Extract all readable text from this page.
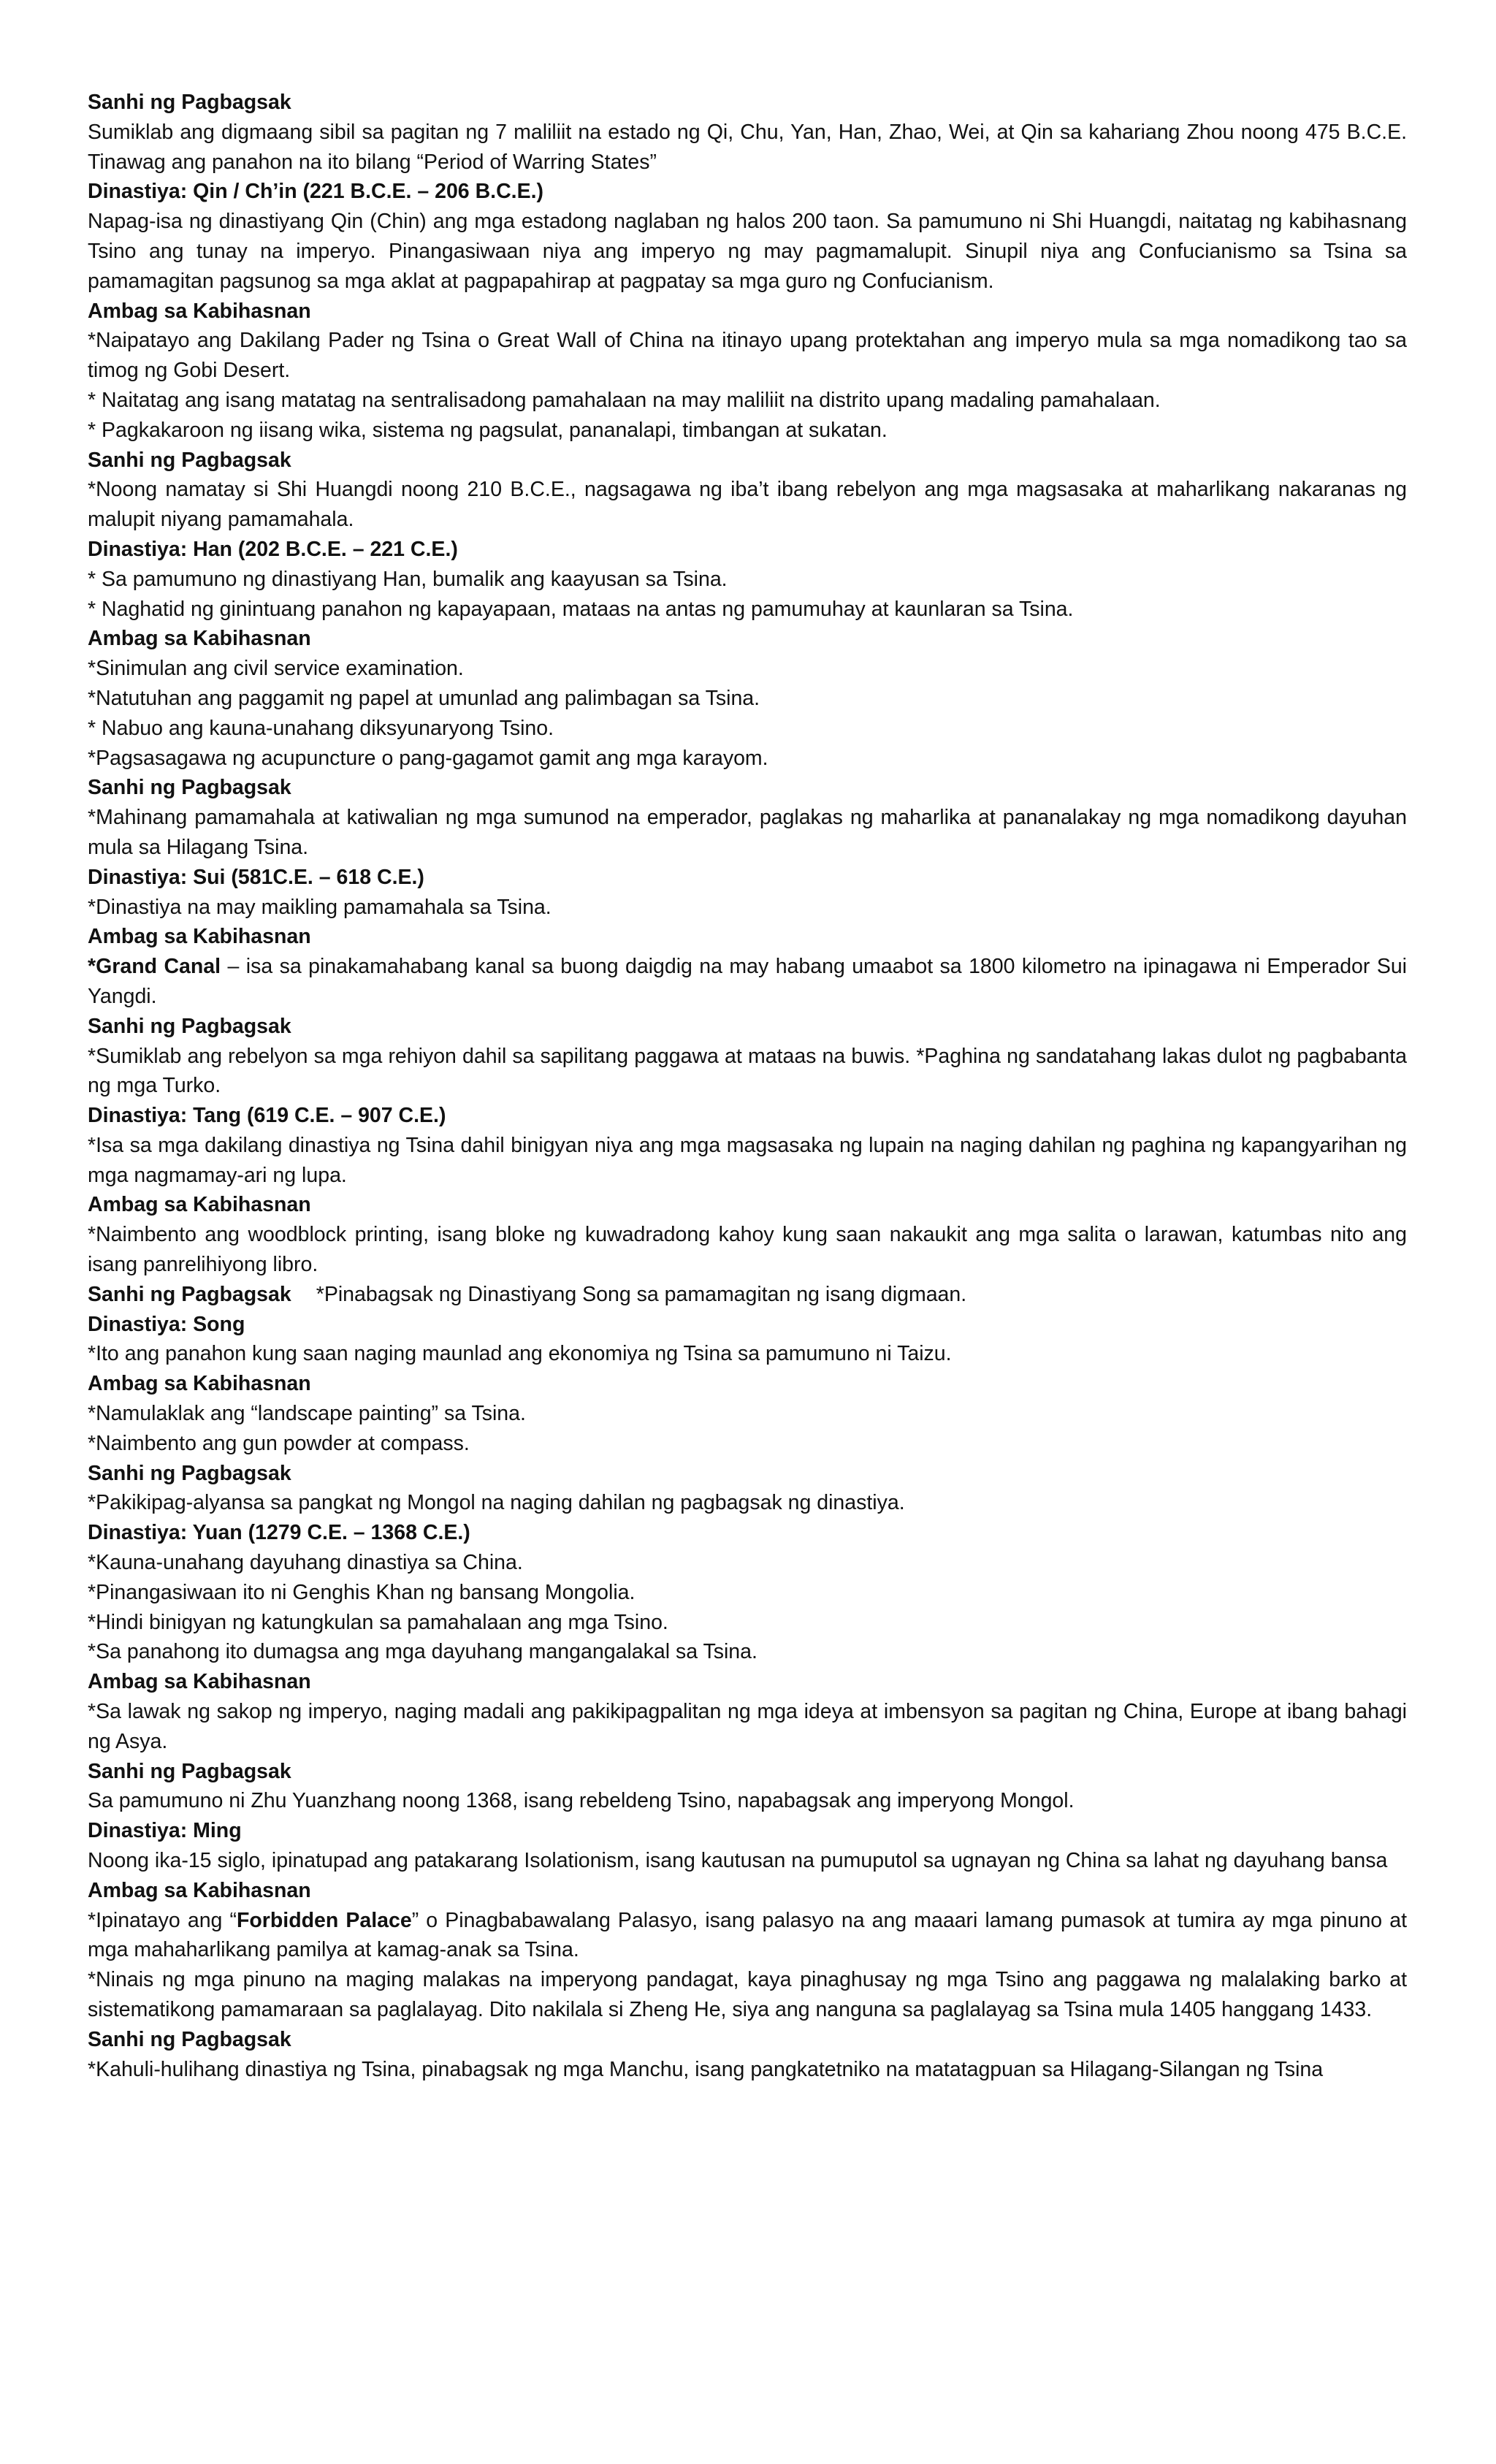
Sanhi ng Pagbagsak

Sumiklab ang digmaang sibil sa pagitan ng 7 maliliit na estado ng Qi, Chu, Yan, Han, Zhao, Wei, at Qin sa kahariang Zhou noong 475 B.C.E. Tinawag ang panahon na ito bilang “Period of Warring States”

Dinastiya: Qin / Ch’in (221 B.C.E. – 206 B.C.E.)

Napag-isa ng dinastiyang Qin (Chin) ang mga estadong naglaban ng halos 200 taon. Sa pamumuno ni Shi Huangdi, naitatag ng kabihasnang Tsino ang tunay na imperyo. Pinangasiwaan niya ang imperyo ng may pagmamalupit. Sinupil niya ang Confucianismo sa Tsina sa pamamagitan pagsunog sa mga aklat at pagpapahirap at pagpatay sa mga guro ng Confucianism.

Ambag sa Kabihasnan

*Naipatayo ang Dakilang Pader ng Tsina o Great Wall of China na itinayo upang protektahan ang imperyo mula sa mga nomadikong tao sa timog ng Gobi Desert.

* Naitatag ang isang matatag na sentralisadong pamahalaan na may maliliit na distrito upang madaling pamahalaan.

* Pagkakaroon ng iisang wika, sistema ng pagsulat, pananalapi, timbangan at sukatan.

Sanhi ng Pagbagsak

*Noong namatay si Shi Huangdi noong 210 B.C.E., nagsagawa ng iba’t ibang rebelyon ang mga magsasaka at maharlikang nakaranas ng malupit niyang pamamahala.

Dinastiya: Han (202 B.C.E. – 221 C.E.)

* Sa pamumuno ng dinastiyang Han, bumalik ang kaayusan sa Tsina.

* Naghatid ng ginintuang panahon ng kapayapaan, mataas na antas ng pamumuhay at kaunlaran sa Tsina.

Ambag sa Kabihasnan

*Sinimulan ang civil service examination.

*Natutuhan ang paggamit ng papel at umunlad ang palimbagan sa Tsina.

* Nabuo ang kauna-unahang diksyunaryong Tsino.

*Pagsasagawa ng acupuncture o pang-gagamot gamit ang mga karayom.

Sanhi ng Pagbagsak

*Mahinang pamamahala at katiwalian ng mga sumunod na emperador, paglakas ng maharlika at pananalakay ng mga nomadikong dayuhan mula sa Hilagang Tsina.

Dinastiya: Sui (581C.E. – 618 C.E.)

*Dinastiya na may maikling pamamahala sa Tsina.

Ambag sa Kabihasnan

*Grand Canal – isa sa pinakamahabang kanal sa buong daigdig na may habang umaabot sa 1800 kilometro na ipinagawa ni Emperador Sui Yangdi.

Sanhi ng Pagbagsak

*Sumiklab ang rebelyon sa mga rehiyon dahil sa sapilitang paggawa at mataas na buwis. *Paghina ng sandatahang lakas dulot ng pagbabanta ng mga Turko.

Dinastiya: Tang (619 C.E. – 907 C.E.)

*Isa sa mga dakilang dinastiya ng Tsina dahil binigyan niya ang mga magsasaka ng lupain na naging dahilan ng paghina ng kapangyarihan ng mga nagmamay-ari ng lupa.

Ambag sa Kabihasnan

*Naimbento ang woodblock printing, isang bloke ng kuwadradong kahoy kung saan nakaukit ang mga salita o larawan, katumbas nito ang isang panrelihiyong libro.

Sanhi ng Pagbagsak *Pinabagsak ng Dinastiyang Song sa pamamagitan ng isang digmaan.

Dinastiya: Song

*Ito ang panahon kung saan naging maunlad ang ekonomiya ng Tsina sa pamumuno ni Taizu.

Ambag sa Kabihasnan

*Namulaklak ang “landscape painting” sa Tsina.

*Naimbento ang gun powder at compass.

Sanhi ng Pagbagsak

*Pakikipag-alyansa sa pangkat ng Mongol na naging dahilan ng pagbagsak ng dinastiya.

Dinastiya: Yuan (1279 C.E. – 1368 C.E.)

*Kauna-unahang dayuhang dinastiya sa China.

*Pinangasiwaan ito ni Genghis Khan ng bansang Mongolia.

*Hindi binigyan ng katungkulan sa pamahalaan ang mga Tsino.

*Sa panahong ito dumagsa ang mga dayuhang mangangalakal sa Tsina.

Ambag sa Kabihasnan

*Sa lawak ng sakop ng imperyo, naging madali ang pakikipagpalitan ng mga ideya at imbensyon sa pagitan ng China, Europe at ibang bahagi ng Asya.

Sanhi ng Pagbagsak

Sa pamumuno ni Zhu Yuanzhang noong 1368, isang rebeldeng Tsino, napabagsak ang imperyong Mongol.

Dinastiya: Ming

Noong ika-15 siglo, ipinatupad ang patakarang Isolationism, isang kautusan na pumuputol sa ugnayan ng China sa lahat ng dayuhang bansa

Ambag sa Kabihasnan

*Ipinatayo ang “Forbidden Palace” o Pinagbabawalang Palasyo, isang palasyo na ang maaari lamang pumasok at tumira ay mga pinuno at mga mahaharlikang pamilya at kamag-anak sa Tsina.

*Ninais ng mga pinuno na maging malakas na imperyong pandagat, kaya pinaghusay ng mga Tsino ang paggawa ng malalaking barko at sistematikong pamamaraan sa paglalayag. Dito nakilala si Zheng He, siya ang nanguna sa paglalayag sa Tsina mula 1405 hanggang 1433.

Sanhi ng Pagbagsak

*Kahuli-hulihang dinastiya ng Tsina, pinabagsak ng mga Manchu, isang pangkatetniko na matatagpuan sa Hilagang-Silangan ng Tsina
